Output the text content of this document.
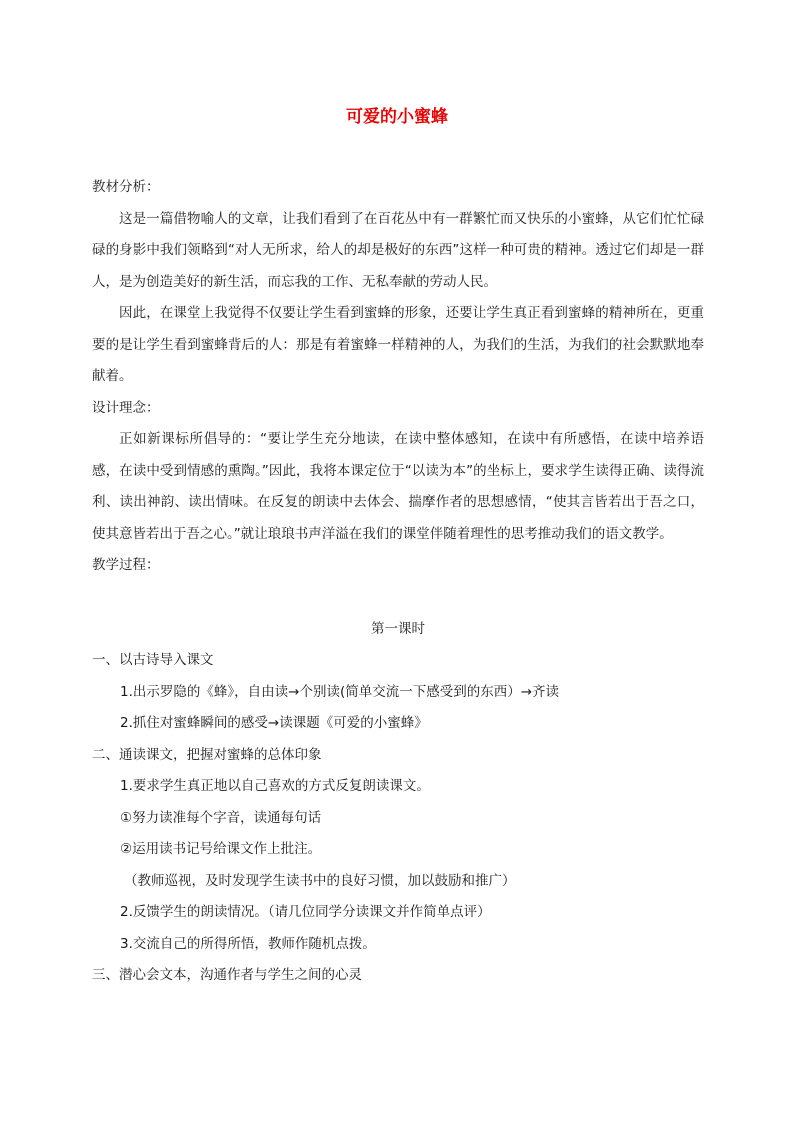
可爱的小蜜蜂

教材分析：

这是一篇借物喻人的文章，让我们看到了在百花丛中有一群繁忙而又快乐的小蜜蜂，从它们忙忙碌碌的身影中我们领略到“对人无所求，给人的却是极好的东西”这样一种可贵的精神。透过它们却是一群人，是为创造美好的新生活，而忘我的工作、无私奉献的劳动人民。

因此，在课堂上我觉得不仅要让学生看到蜜蜂的形象，还要让学生真正看到蜜蜂的精神所在，更重要的是让学生看到蜜蜂背后的人：那是有着蜜蜂一样精神的人，为我们的生活，为我们的社会默默地奉献着。

设计理念：

正如新课标所倡导的：“要让学生充分地读，在读中整体感知，在读中有所感悟，在读中培养语感，在读中受到情感的熏陶。”因此，我将本课定位于“以读为本”的坐标上，要求学生读得正确、读得流利、读出神韵、读出情味。在反复的朗读中去体会、揣摩作者的思想感情，“使其言皆若出于吾之口，使其意皆若出于吾之心。”就让琅琅书声洋溢在我们的课堂伴随着理性的思考推动我们的语文教学。

教学过程：

第一课时

一、以古诗导入课文

1.出示罗隐的《蜂》，自由读→个别读(简单交流一下感受到的东西）→齐读

2.抓住对蜜蜂瞬间的感受→读课题《可爱的小蜜蜂》

二、通读课文，把握对蜜蜂的总体印象

1.要求学生真正地以自己喜欢的方式反复朗读课文。

①努力读准每个字音，读通每句话

②运用读书记号给课文作上批注。

（教师巡视，及时发现学生读书中的良好习惯，加以鼓励和推广）

2.反馈学生的朗读情况。（请几位同学分读课文并作简单点评）

3.交流自己的所得所悟，教师作随机点拨。

三、潜心会文本，沟通作者与学生之间的心灵
